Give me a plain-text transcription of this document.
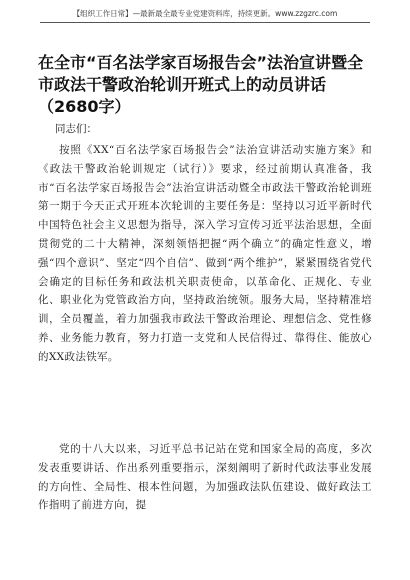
【组织工作日常】—最新最全最专业党建资料库，持续更新。www.zzgzrc.com
在全市“百名法学家百场报告会”法治宣讲暨全市政法干警政治轮训开班式上的动员讲话（2680字）

同志们：

按照《XX“百名法学家百场报告会”法治宣讲活动实施方案》和《政法干警政治轮训规定（试行）》要求，经过前期认真准备，我市“百名法学家百场报告会”法治宣讲活动暨全市政法干警政治轮训班第一期于今天正式开班本次轮训的主要任务是：坚持以习近平新时代中国特色社会主义思想为指导，深入学习宣传习近平法治思想，全面贯彻党的二十大精神，深刻领悟把握“两个确立”的确定性意义，增强“四个意识”、坚定“四个自信”、做到“两个维护”，紧紧围绕省党代会确定的目标任务和政法机关职责使命，以革命化、正规化、专业化、职业化为党管政治方向，坚持政治统领。服务大局，坚持精准培训，全员覆盖，着力加强我市政法干警政治理论、理想信念、党性修养、业务能力教育，努力打造一支党和人民信得过、靠得住、能放心的XX政法铁军。

党的十八大以来，习近平总书记站在党和国家全局的高度，多次发表重要讲话、作出系列重要指示，深刻阐明了新时代政法事业发展的方向性、全局性、根本性问题，为加强政法队伍建设、做好政法工作指明了前进方向，提
